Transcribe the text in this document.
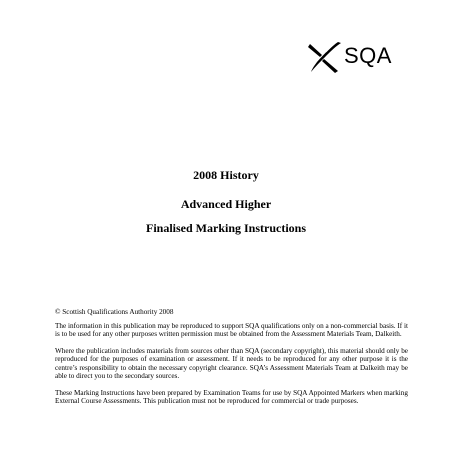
SQA

2008 History

Advanced Higher

Finalised Marking Instructions

© Scottish Qualifications Authority 2008

The information in this publication may be reproduced to support SQA qualifications only on a non-commercial basis. If it is to be used for any other purposes written permission must be obtained from the Assessment Materials Team, Dalkeith.

Where the publication includes materials from sources other than SQA (secondary copyright), this material should only be reproduced for the purposes of examination or assessment. If it needs to be reproduced for any other purpose it is the centre’s responsibility to obtain the necessary copyright clearance. SQA’s Assessment Materials Team at Dalkeith may be able to direct you to the secondary sources.

These Marking Instructions have been prepared by Examination Teams for use by SQA Appointed Markers when marking External Course Assessments. This publication must not be reproduced for commercial or trade purposes.
